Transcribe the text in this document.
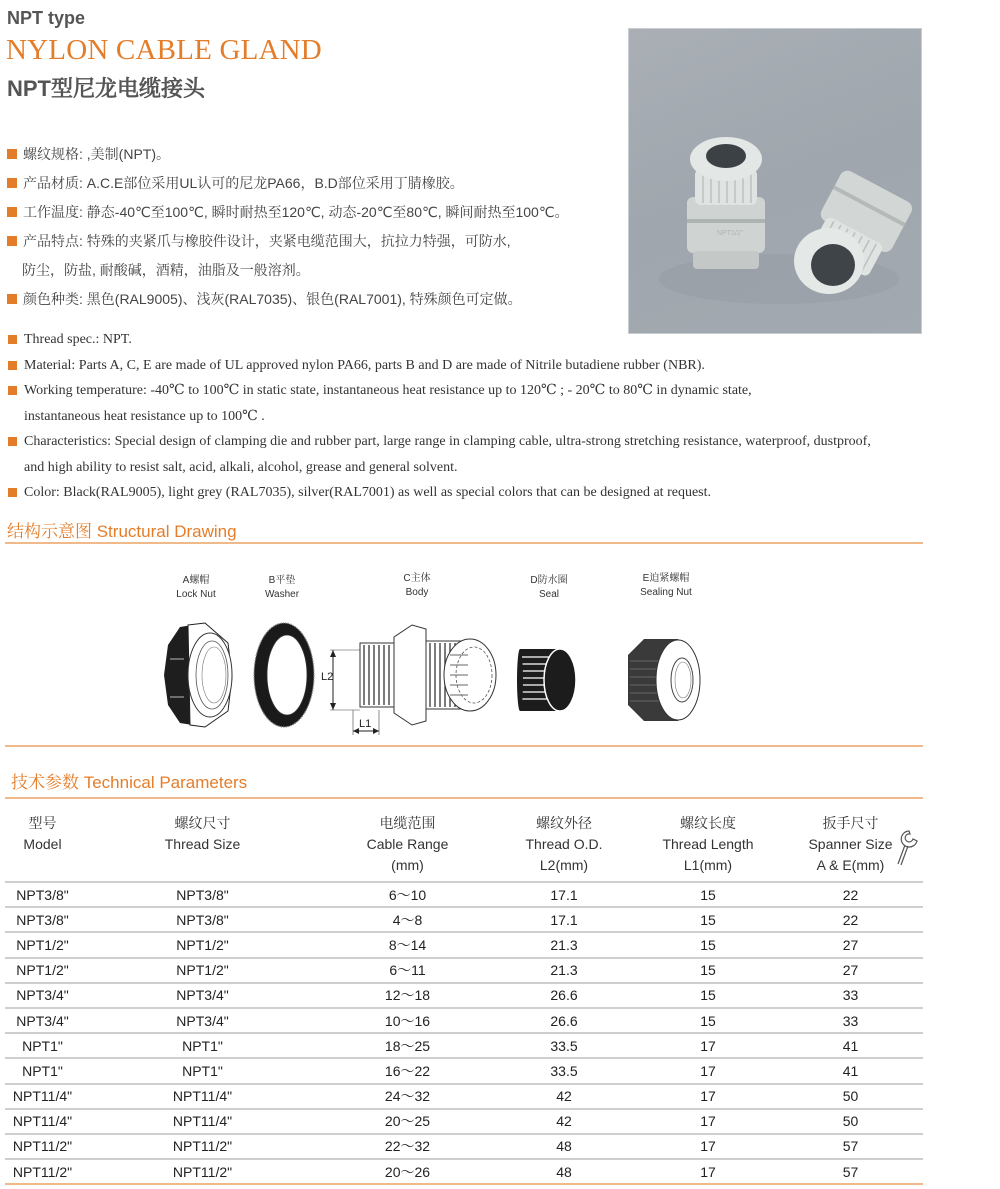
NPT type
NYLON CABLE GLAND
NPT型尼龙电缆接头
NPT1/2"
螺纹规格: ,美制(NPT)。
产品材质: A.C.E部位采用UL认可的尼龙PA66，B.D部位采用丁腈橡胶。
工作温度: 静态-40℃至100℃, 瞬时耐热至120℃, 动态-20℃至80℃, 瞬间耐热至100℃。
产品特点: 特殊的夹紧爪与橡胶件设计，夹紧电缆范围大，抗拉力特强，可防水,
防尘，防盐, 耐酸碱，酒精，油脂及一般溶剂。
颜色种类: 黑色(RAL9005)、浅灰(RAL7035)、银色(RAL7001), 特殊颜色可定做。
Thread spec.: NPT.
Material: Parts A, C, E are made of UL approved nylon PA66, parts B and D are made of Nitrile butadiene rubber (NBR).
Working temperature: -40℃ to 100℃ in static state, instantaneous heat resistance up to 120℃ ; - 20℃ to 80℃ in dynamic state,
instantaneous heat resistance up to 100℃ .
Characteristics: Special design of clamping die and rubber part, large range in clamping cable, ultra-strong stretching resistance, waterproof, dustproof,
and high ability to resist salt, acid, alkali, alcohol, grease and general solvent.
Color: Black(RAL9005), light grey (RAL7035), silver(RAL7001) as well as special colors that can be designed at request.
结构示意图 Structural Drawing
A螺帽
Lock Nut
B平垫
Washer
C主体
Body
D防水圈
Seal
E迫紧螺帽
Sealing Nut
L2
L1
技术参数 Technical Parameters
型号
Model

螺纹尺寸
Thread Size

电缆范围
Cable Range
(mm)

螺纹外径
Thread O.D.
L2(mm)

螺纹长度
Thread Length
L1(mm)

扳手尺寸
Spanner Size
A & E(mm)

NPT3/8"	NPT3/8"	6～10	17.1	15	22
NPT3/8"	NPT3/8"	4～8	17.1	15	22
NPT1/2"	NPT1/2"	8～14	21.3	15	27
NPT1/2"	NPT1/2"	6～11	21.3	15	27
NPT3/4"	NPT3/4"	12～18	26.6	15	33
NPT3/4"	NPT3/4"	10～16	26.6	15	33
NPT1"	NPT1"	18～25	33.5	17	41
NPT1"	NPT1"	16～22	33.5	17	41
NPT11/4"	NPT11/4"	24～32	42	17	50
NPT11/4"	NPT11/4"	20～25	42	17	50
NPT11/2"	NPT11/2"	22～32	48	17	57
NPT11/2"	NPT11/2"	20～26	48	17	57
